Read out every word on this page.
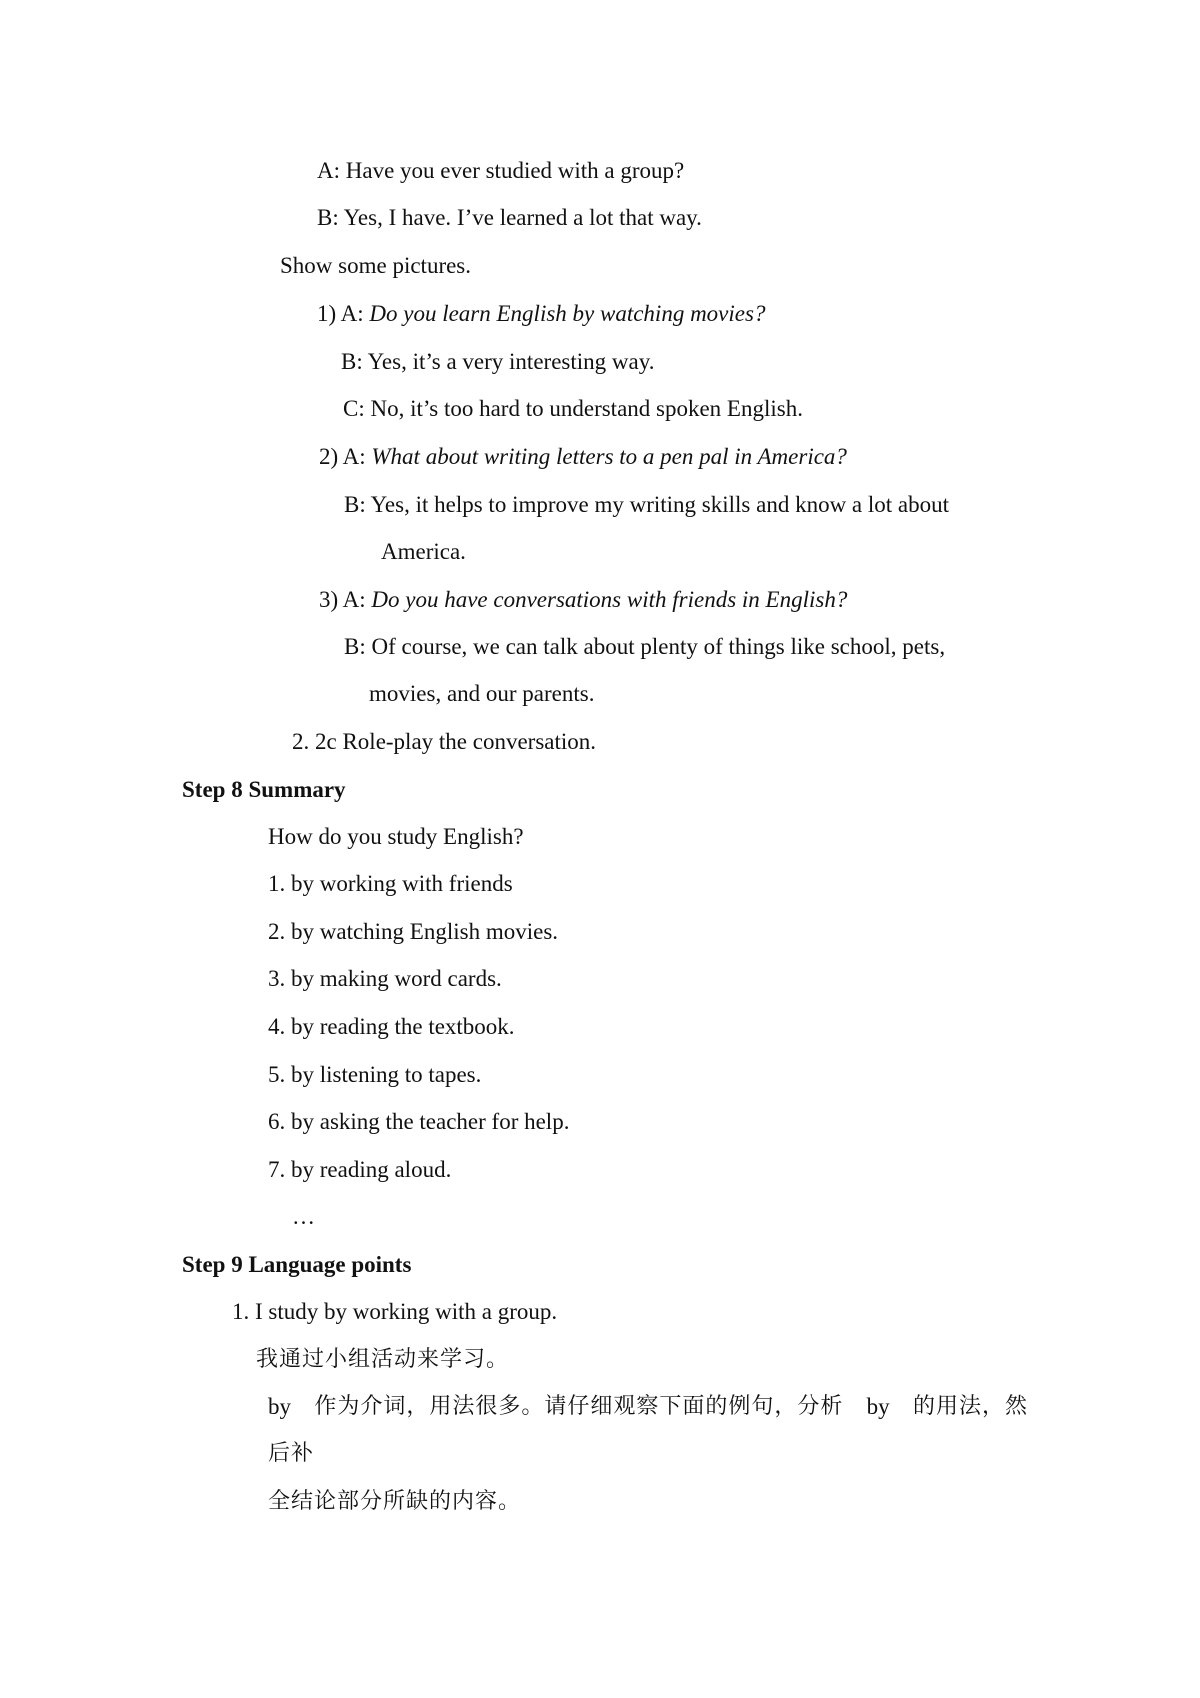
A: Have you ever studied with a group?
B: Yes, I have. I’ve learned a lot that way.
Show some pictures.
1) A: Do you learn English by watching movies?
B: Yes, it’s a very interesting way.
C: No, it’s too hard to understand spoken English.
2) A: What about writing letters to a pen pal in America?
B: Yes, it helps to improve my writing skills and know a lot about
America.
3) A: Do you have conversations with friends in English?
B: Of course, we can talk about plenty of things like school, pets,
movies, and our parents.
2. 2c Role-play the conversation.
Step 8 Summary
How do you study English?
1. by working with friends
2. by watching English movies.
3. by making word cards.
4. by reading the textbook.
5. by listening to tapes.
6. by asking the teacher for help.
7. by reading aloud.
…
Step 9 Language points
1. I study by working with a group.
我通过小组活动来学习。
by 作为介词，用法很多。请仔细观察下面的例句，分析 by 的用法，然
后补
全结论部分所缺的内容。
